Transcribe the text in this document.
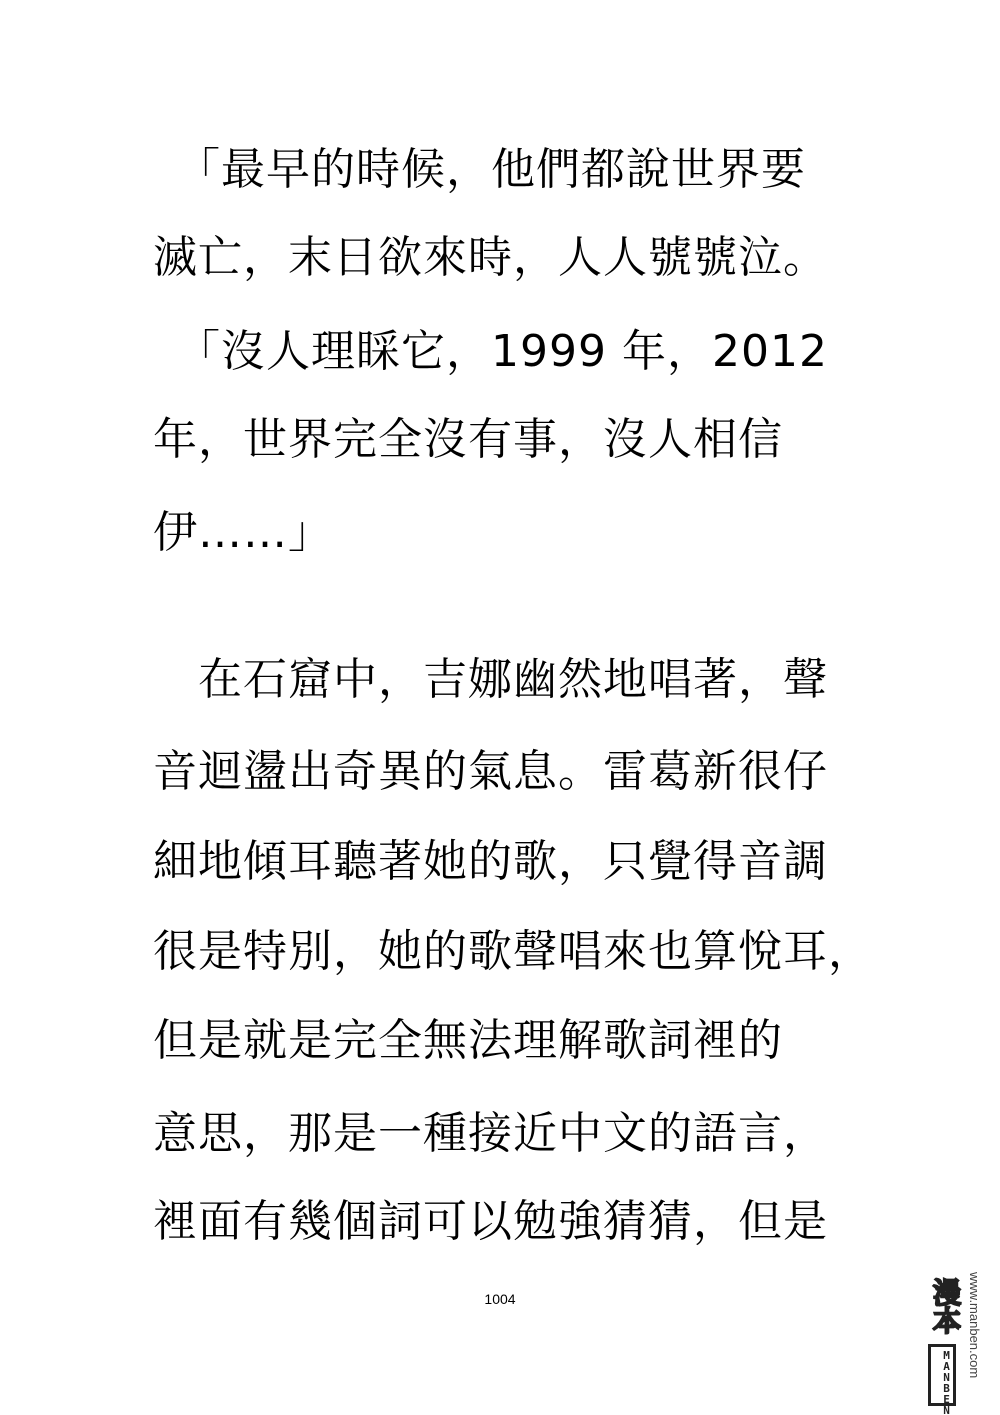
　「最早的時候，他們都說世界要
滅亡，末日欲來時，人人號號泣。
　「沒人理睬它，1999 年，2012
年，世界完全沒有事，沒人相信
伊……」
　在石窟中，吉娜幽然地唱著，聲
音迴盪出奇異的氣息。雷葛新很仔
細地傾耳聽著她的歌，只覺得音調
很是特別，她的歌聲唱來也算悅耳，
但是就是完全無法理解歌詞裡的
意思，那是一種接近中文的語言，
裡面有幾個詞可以勉強猜猜，但是
1004	漫本
MANBEN
www.manben.com
